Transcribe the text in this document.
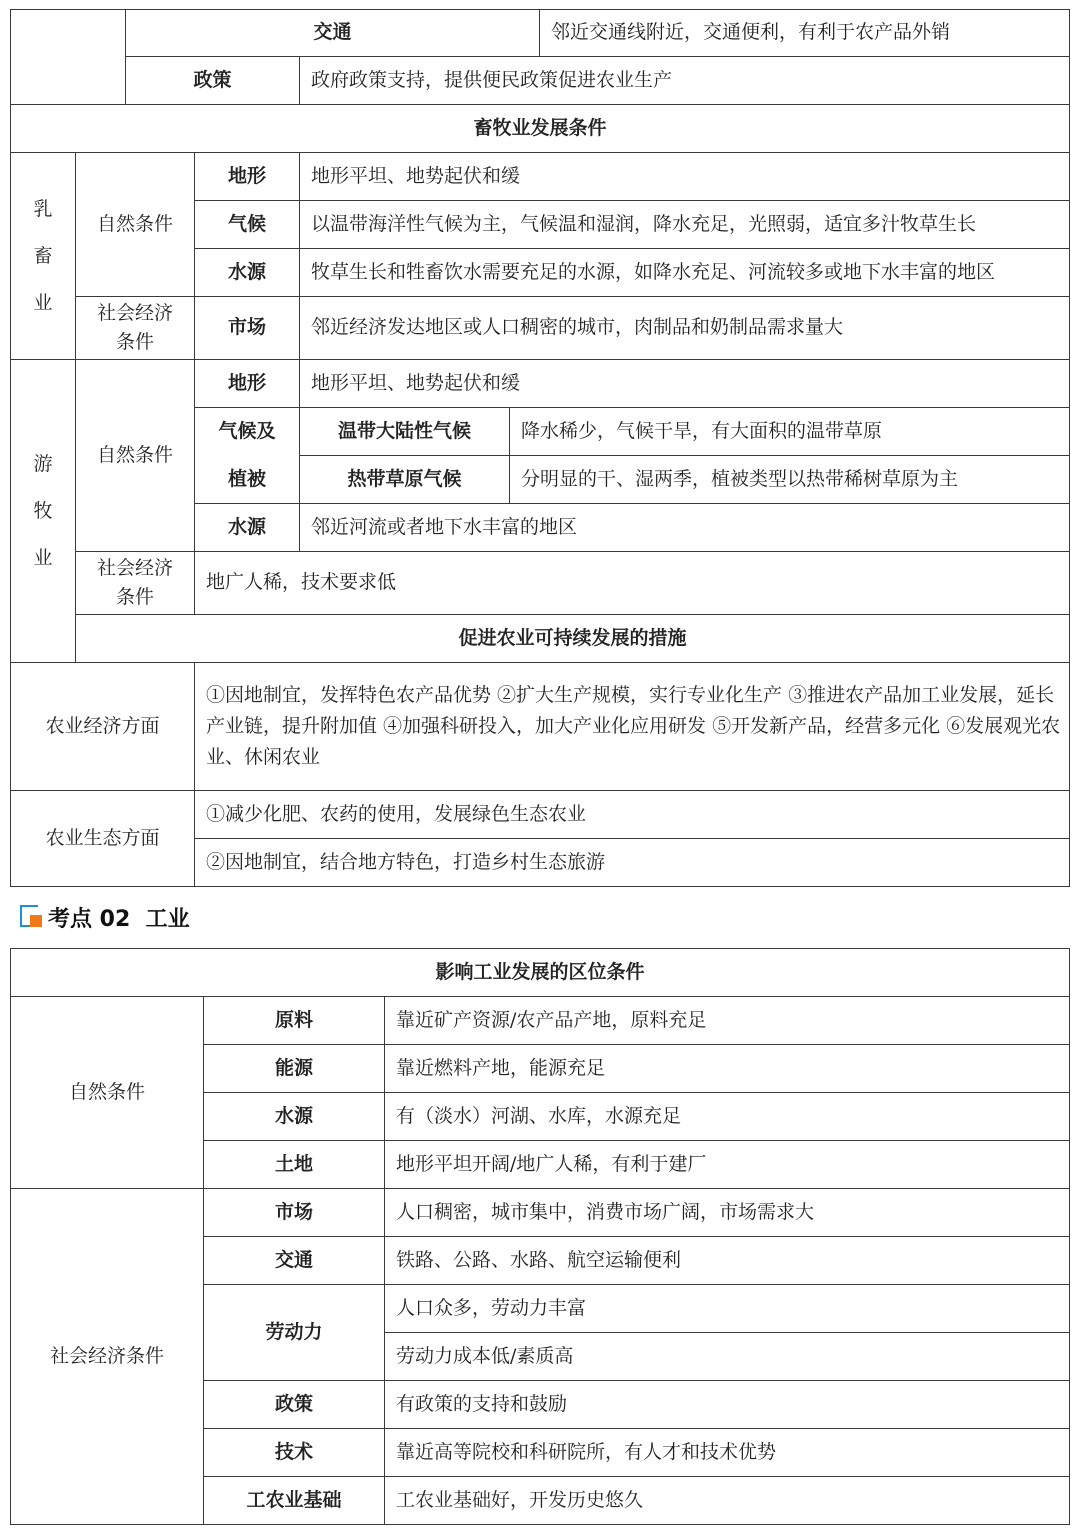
	交通		邻近交通线附近，交通便利，有利于农产品外销
	政策	政府政策支持，提供便民政策促进农业生产	
畜牧业发展条件				

乳
畜
业	自然条件	地形	地形平坦、地势起伏和缓	
		气候	以温带海洋性气候为主，气候温和湿润，降水充足，光照弱，适宜多汁牧草生长	
		水源	牧草生长和牲畜饮水需要充足的水源，如降水充足、河流较多或地下水丰富的地区	
	社会经济条件	市场	邻近经济发达地区或人口稠密的城市，肉制品和奶制品需求量大	

游
牧
业	自然条件	地形	地形平坦、地势起伏和缓	
		气候及	温带大陆性气候	降水稀少，气候干旱，有大面积的温带草原
		植被	热带草原气候	分明显的干、湿两季，植被类型以热带稀树草原为主
		水源	邻近河流或者地下水丰富的地区	
	社会经济条件	地广人稀，技术要求低		
	促进农业可持续发展的措施			
农业经济方面		①因地制宜，发挥特色农产品优势 ②扩大生产规模，实行专业化生产 ③推进农产品加工业发展，延长产业链，提升附加值 ④加强科研投入，加大产业化应用研发 ⑤开发新产品，经营多元化 ⑥发展观光农业、休闲农业		
农业生态方面		①减少化肥、农药的使用，发展绿色生态农业		
		②因地制宜，结合地方特色，打造乡村生态旅游		
考点 02  工业
影响工业发展的区位条件		
自然条件	原料	靠近矿产资源/农产品产地，原料充足
	能源	靠近燃料产地，能源充足
	水源	有（淡水）河湖、水库，水源充足
	土地	地形平坦开阔/地广人稀，有利于建厂
社会经济条件	市场	人口稠密，城市集中，消费市场广阔，市场需求大
	交通	铁路、公路、水路、航空运输便利
	劳动力	人口众多，劳动力丰富
		劳动力成本低/素质高
	政策	有政策的支持和鼓励
	技术	靠近高等院校和科研院所，有人才和技术优势
	工农业基础	工农业基础好，开发历史悠久
